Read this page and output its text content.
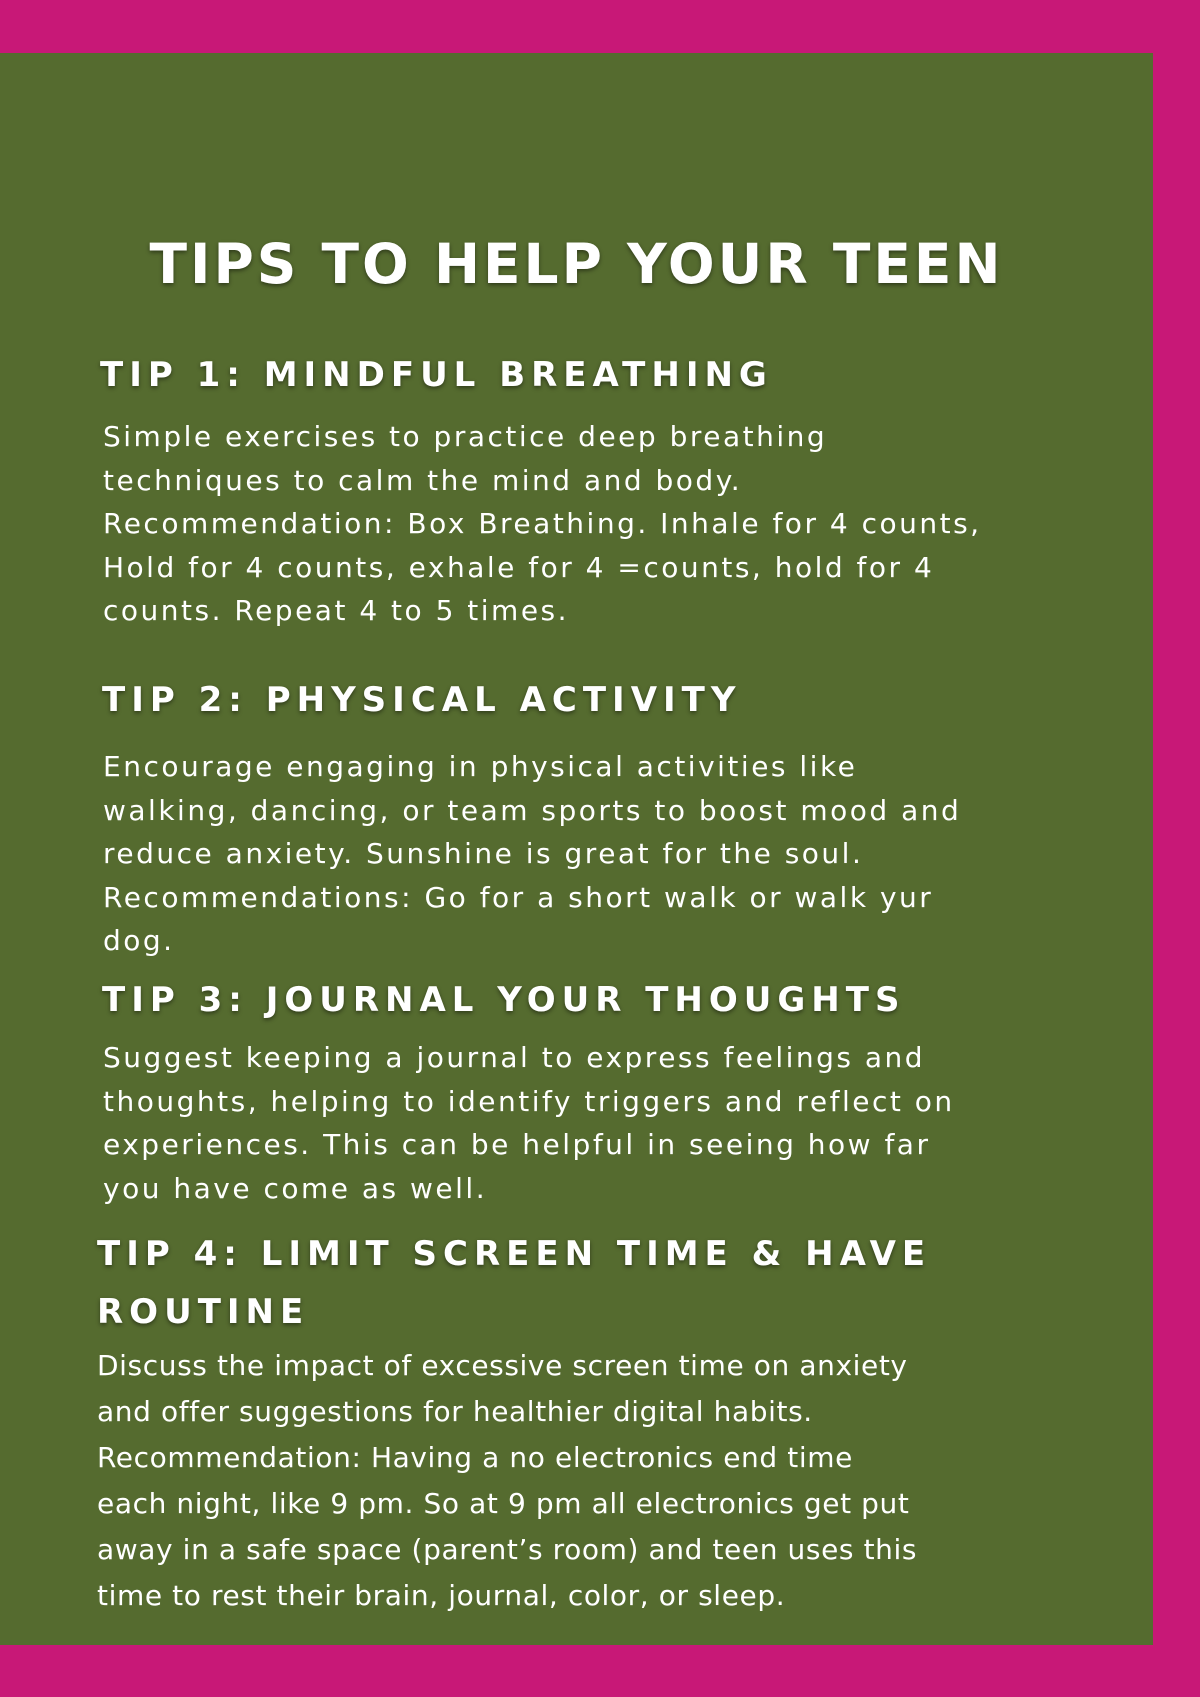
TIPS TO HELP YOUR TEEN
TIP 1: MINDFUL BREATHING
Simple exercises to practice deep breathing
techniques to calm the mind and body.
Recommendation: Box Breathing. Inhale for 4 counts,
Hold for 4 counts, exhale for 4 =counts, hold for 4
counts. Repeat 4 to 5 times.
TIP 2: PHYSICAL ACTIVITY
Encourage engaging in physical activities like
walking, dancing, or team sports to boost mood and
reduce anxiety. Sunshine is great for the soul.
Recommendations: Go for a short walk or walk yur
dog.
TIP 3: JOURNAL YOUR THOUGHTS
Suggest keeping a journal to express feelings and
thoughts, helping to identify triggers and reflect on
experiences. This can be helpful in seeing how far
you have come as well.
TIP 4: LIMIT SCREEN TIME & HAVE
ROUTINE
Discuss the impact of excessive screen time on anxiety
and offer suggestions for healthier digital habits.
Recommendation: Having a no electronics end time
each night, like 9 pm. So at 9 pm all electronics get put
away in a safe space (parent’s room) and teen uses this
time to rest their brain, journal, color, or sleep.
